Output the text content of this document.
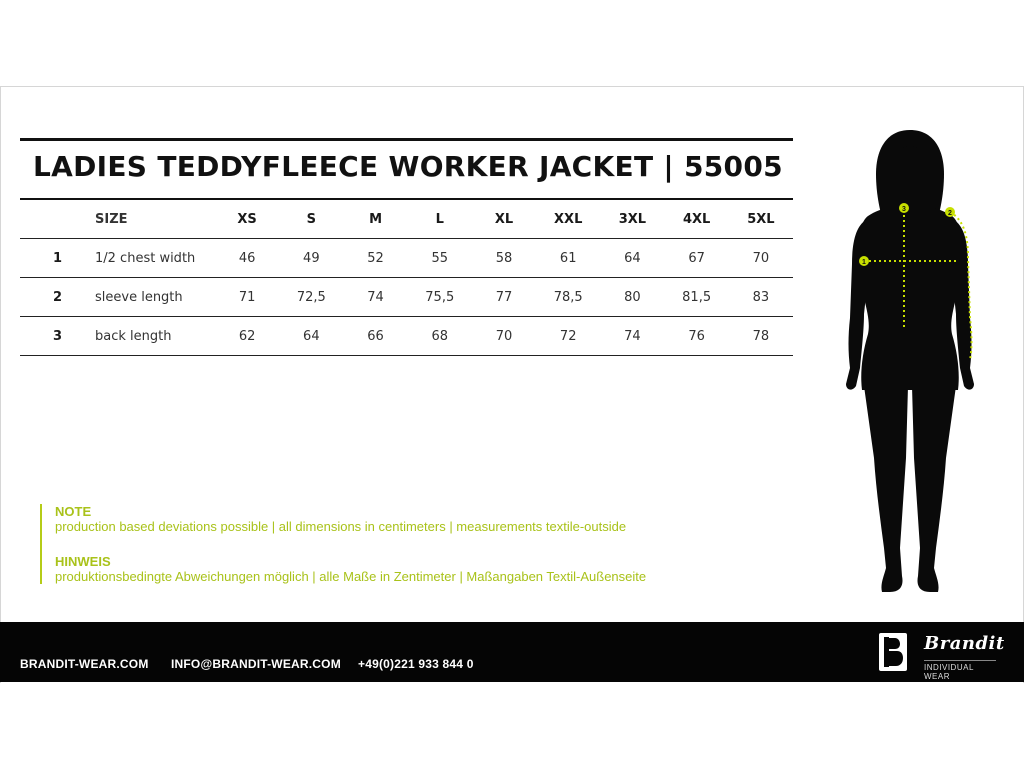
LADIES TEDDYFLEECE WORKER JACKET | 55005
	SIZE	XS	S	M	L	XL	XXL	3XL	4XL	5XL
1	1/2 chest width	46	49	52	55	58	61	64	67	70
2	sleeve length	71	72,5	74	75,5	77	78,5	80	81,5	83
3	back length	62	64	66	68	70	72	74	76	78
NOTE
production based deviations possible | all dimensions in centimeters | measurements textile-outside
HINWEIS
produktionsbedingte Abweichungen möglich | alle Maße in Zentimeter | Maßangaben Textil-Außenseite
1
2
3
BRANDIT-WEAR.COM INFO@BRANDIT-WEAR.COM +49(0)221 933 844 0
Brandit
INDIVIDUAL WEAR
